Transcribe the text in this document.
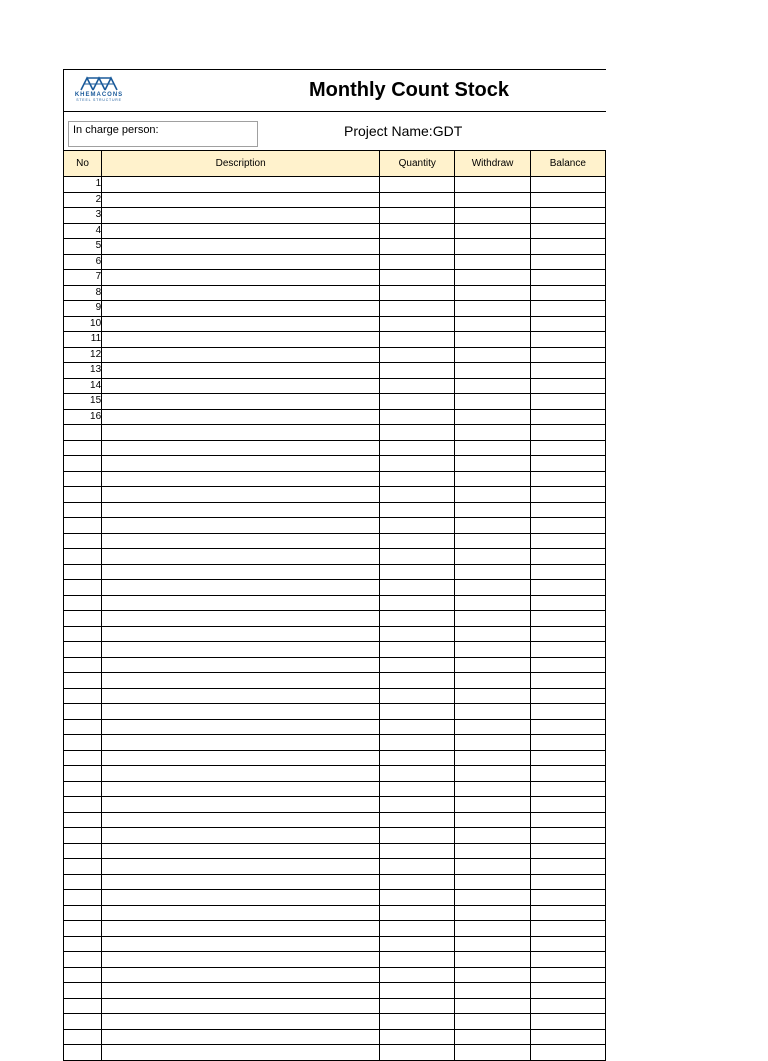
KHEMACONS
STEEL STRUCTURE	Monthly Count Stock
In charge person:	Project Name:GDT
No	Description	Quantity	Withdraw	Balance
1				
2				
3				
4				
5				
6				
7				
8				
9				
10				
11				
12				
13				
14				
15				
16				
